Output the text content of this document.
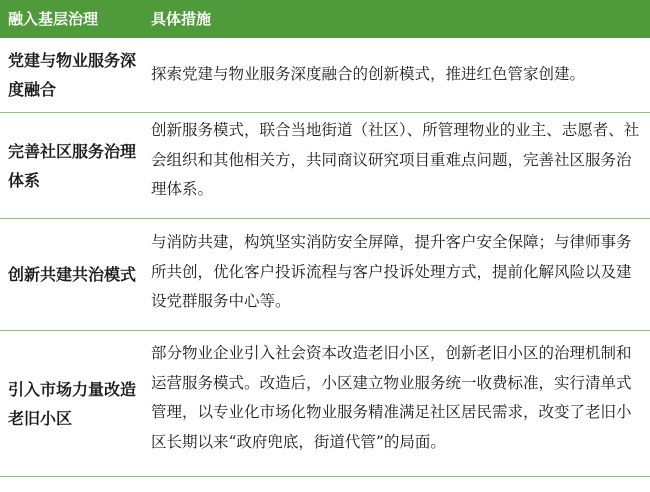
融入基层治理	具体措施
党建与物业服务深度融合
探索党建与物业服务深度融合的创新模式，推进红色管家创建。
完善社区服务治理体系
创新服务模式，联合当地街道（社区）、所管理物业的业主、志愿者、社会组织和其他相关方，共同商议研究项目重难点问题，完善社区服务治理体系。
创新共建共治模式
与消防共建，构筑坚实消防安全屏障，提升客户安全保障；与律师事务所共创，优化客户投诉流程与客户投诉处理方式，提前化解风险以及建设党群服务中心等。
引入市场力量改造老旧小区
部分物业企业引入社会资本改造老旧小区，创新老旧小区的治理机制和运营服务模式。改造后，小区建立物业服务统一收费标准，实行清单式管理，以专业化市场化物业服务精准满足社区居民需求，改变了老旧小区长期以来“政府兜底，街道代管”的局面。
